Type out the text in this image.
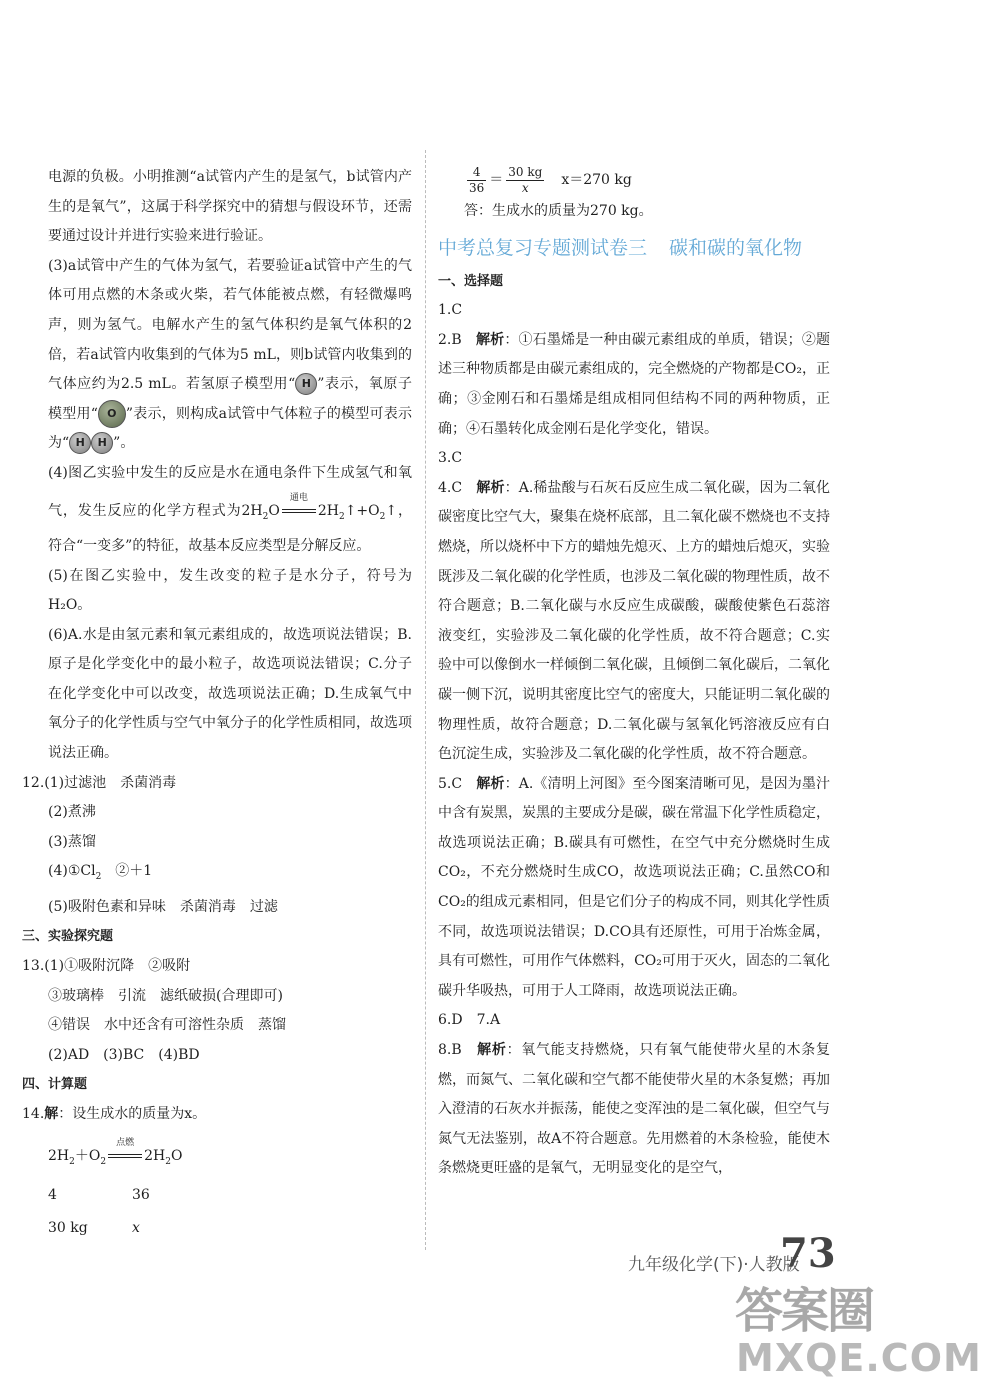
电源的负极。小明推测“a试管内产生的是氢气，b试管内产生的是氧气”，这属于科学探究中的猜想与假设环节，还需要通过设计并进行实验来进行验证。

(3)a试管中产生的气体为氢气，若要验证a试管中产生的气体可用点燃的木条或火柴，若气体能被点燃，有轻微爆鸣声，则为氢气。电解水产生的氢气体积约是氧气体积的2倍，若a试管内收集到的气体为5 mL，则b试管内收集到的气体应约为2.5 mL。若氢原子模型用“ H ”表示，氧原子模型用“ O ”表示，则构成a试管中气体粒子的模型可表示为“ H H ”。

(4)图乙实验中发生的反应是水在通电条件下生成氢气和氧气，发生反应的化学方程式为$2H_2O$
通电
$2H_2↑+O_2↑$，符合“一变多”的特征，故基本反应类型是分解反应。

(5)在图乙实验中，发生改变的粒子是水分子，符号为H₂O。

(6)A.水是由氢元素和氧元素组成的，故选项说法错误；B.原子是化学变化中的最小粒子，故选项说法错误；C.分子在化学变化中可以改变，故选项说法正确；D.生成氧气中氧分子的化学性质与空气中氧分子的化学性质相同，故选项说法正确。

12.(1)过滤池　杀菌消毒

(2)煮沸

(3)蒸馏

$(4)①Cl_2$　②＋1

(5)吸附色素和异味　杀菌消毒　过滤

三、实验探究题

13.(1)①吸附沉降　②吸附

③玻璃棒　引流　滤纸破损(合理即可)

④错误　水中还含有可溶性杂质　蒸馏

(2)AD　(3)BC　(4)BD

四、计算题

14.解：设生成水的质量为x。

$2H_2+O_2$
点燃
$2H_2O$

4	36
30 kg	x

$\frac{4}{36} = \frac{30 kg}{x}$
　 x＝270 kg

答：生成水的质量为270 kg。

中考总复习专题测试卷三 碳和碳的氧化物

一、选择题

1.C

2.B　解析：①石墨烯是一种由碳元素组成的单质，错误；②题述三种物质都是由碳元素组成的，完全燃烧的产物都是CO₂，正确；③金刚石和石墨烯是组成相同但结构不同的两种物质，正确；④石墨转化成金刚石是化学变化，错误。

3.C

4.C　解析：A.稀盐酸与石灰石反应生成二氧化碳，因为二氧化碳密度比空气大，聚集在烧杯底部，且二氧化碳不燃烧也不支持燃烧，所以烧杯中下方的蜡烛先熄灭、上方的蜡烛后熄灭，实验既涉及二氧化碳的化学性质，也涉及二氧化碳的物理性质，故不符合题意；B.二氧化碳与水反应生成碳酸，碳酸使紫色石蕊溶液变红，实验涉及二氧化碳的化学性质，故不符合题意；C.实验中可以像倒水一样倾倒二氧化碳，且倾倒二氧化碳后，二氧化碳一侧下沉，说明其密度比空气的密度大，只能证明二氧化碳的物理性质，故符合题意；D.二氧化碳与氢氧化钙溶液反应有白色沉淀生成，实验涉及二氧化碳的化学性质，故不符合题意。

5.C　解析：A.《清明上河图》至今图案清晰可见，是因为墨汁中含有炭黑，炭黑的主要成分是碳，碳在常温下化学性质稳定，故选项说法正确；B.碳具有可燃性，在空气中充分燃烧时生成CO₂，不充分燃烧时生成CO，故选项说法正确；C.虽然CO和CO₂的组成元素相同，但是它们分子的构成不同，则其化学性质不同，故选项说法错误；D.CO具有还原性，可用于冶炼金属，具有可燃性，可用作气体燃料，CO₂可用于灭火，固态的二氧化碳升华吸热，可用于人工降雨，故选项说法正确。

6.D　7.A

8.B　解析：氧气能支持燃烧，只有氧气能使带火星的木条复燃，而氮气、二氧化碳和空气都不能使带火星的木条复燃；再加入澄清的石灰水并振荡，能使之变浑浊的是二氧化碳，但空气与氮气无法鉴别，故A不符合题意。先用燃着的木条检验，能使木条燃烧更旺盛的是氧气，无明显变化的是空气，

九年级化学(下)·人教版
73
答案圈
MXQE.COM
